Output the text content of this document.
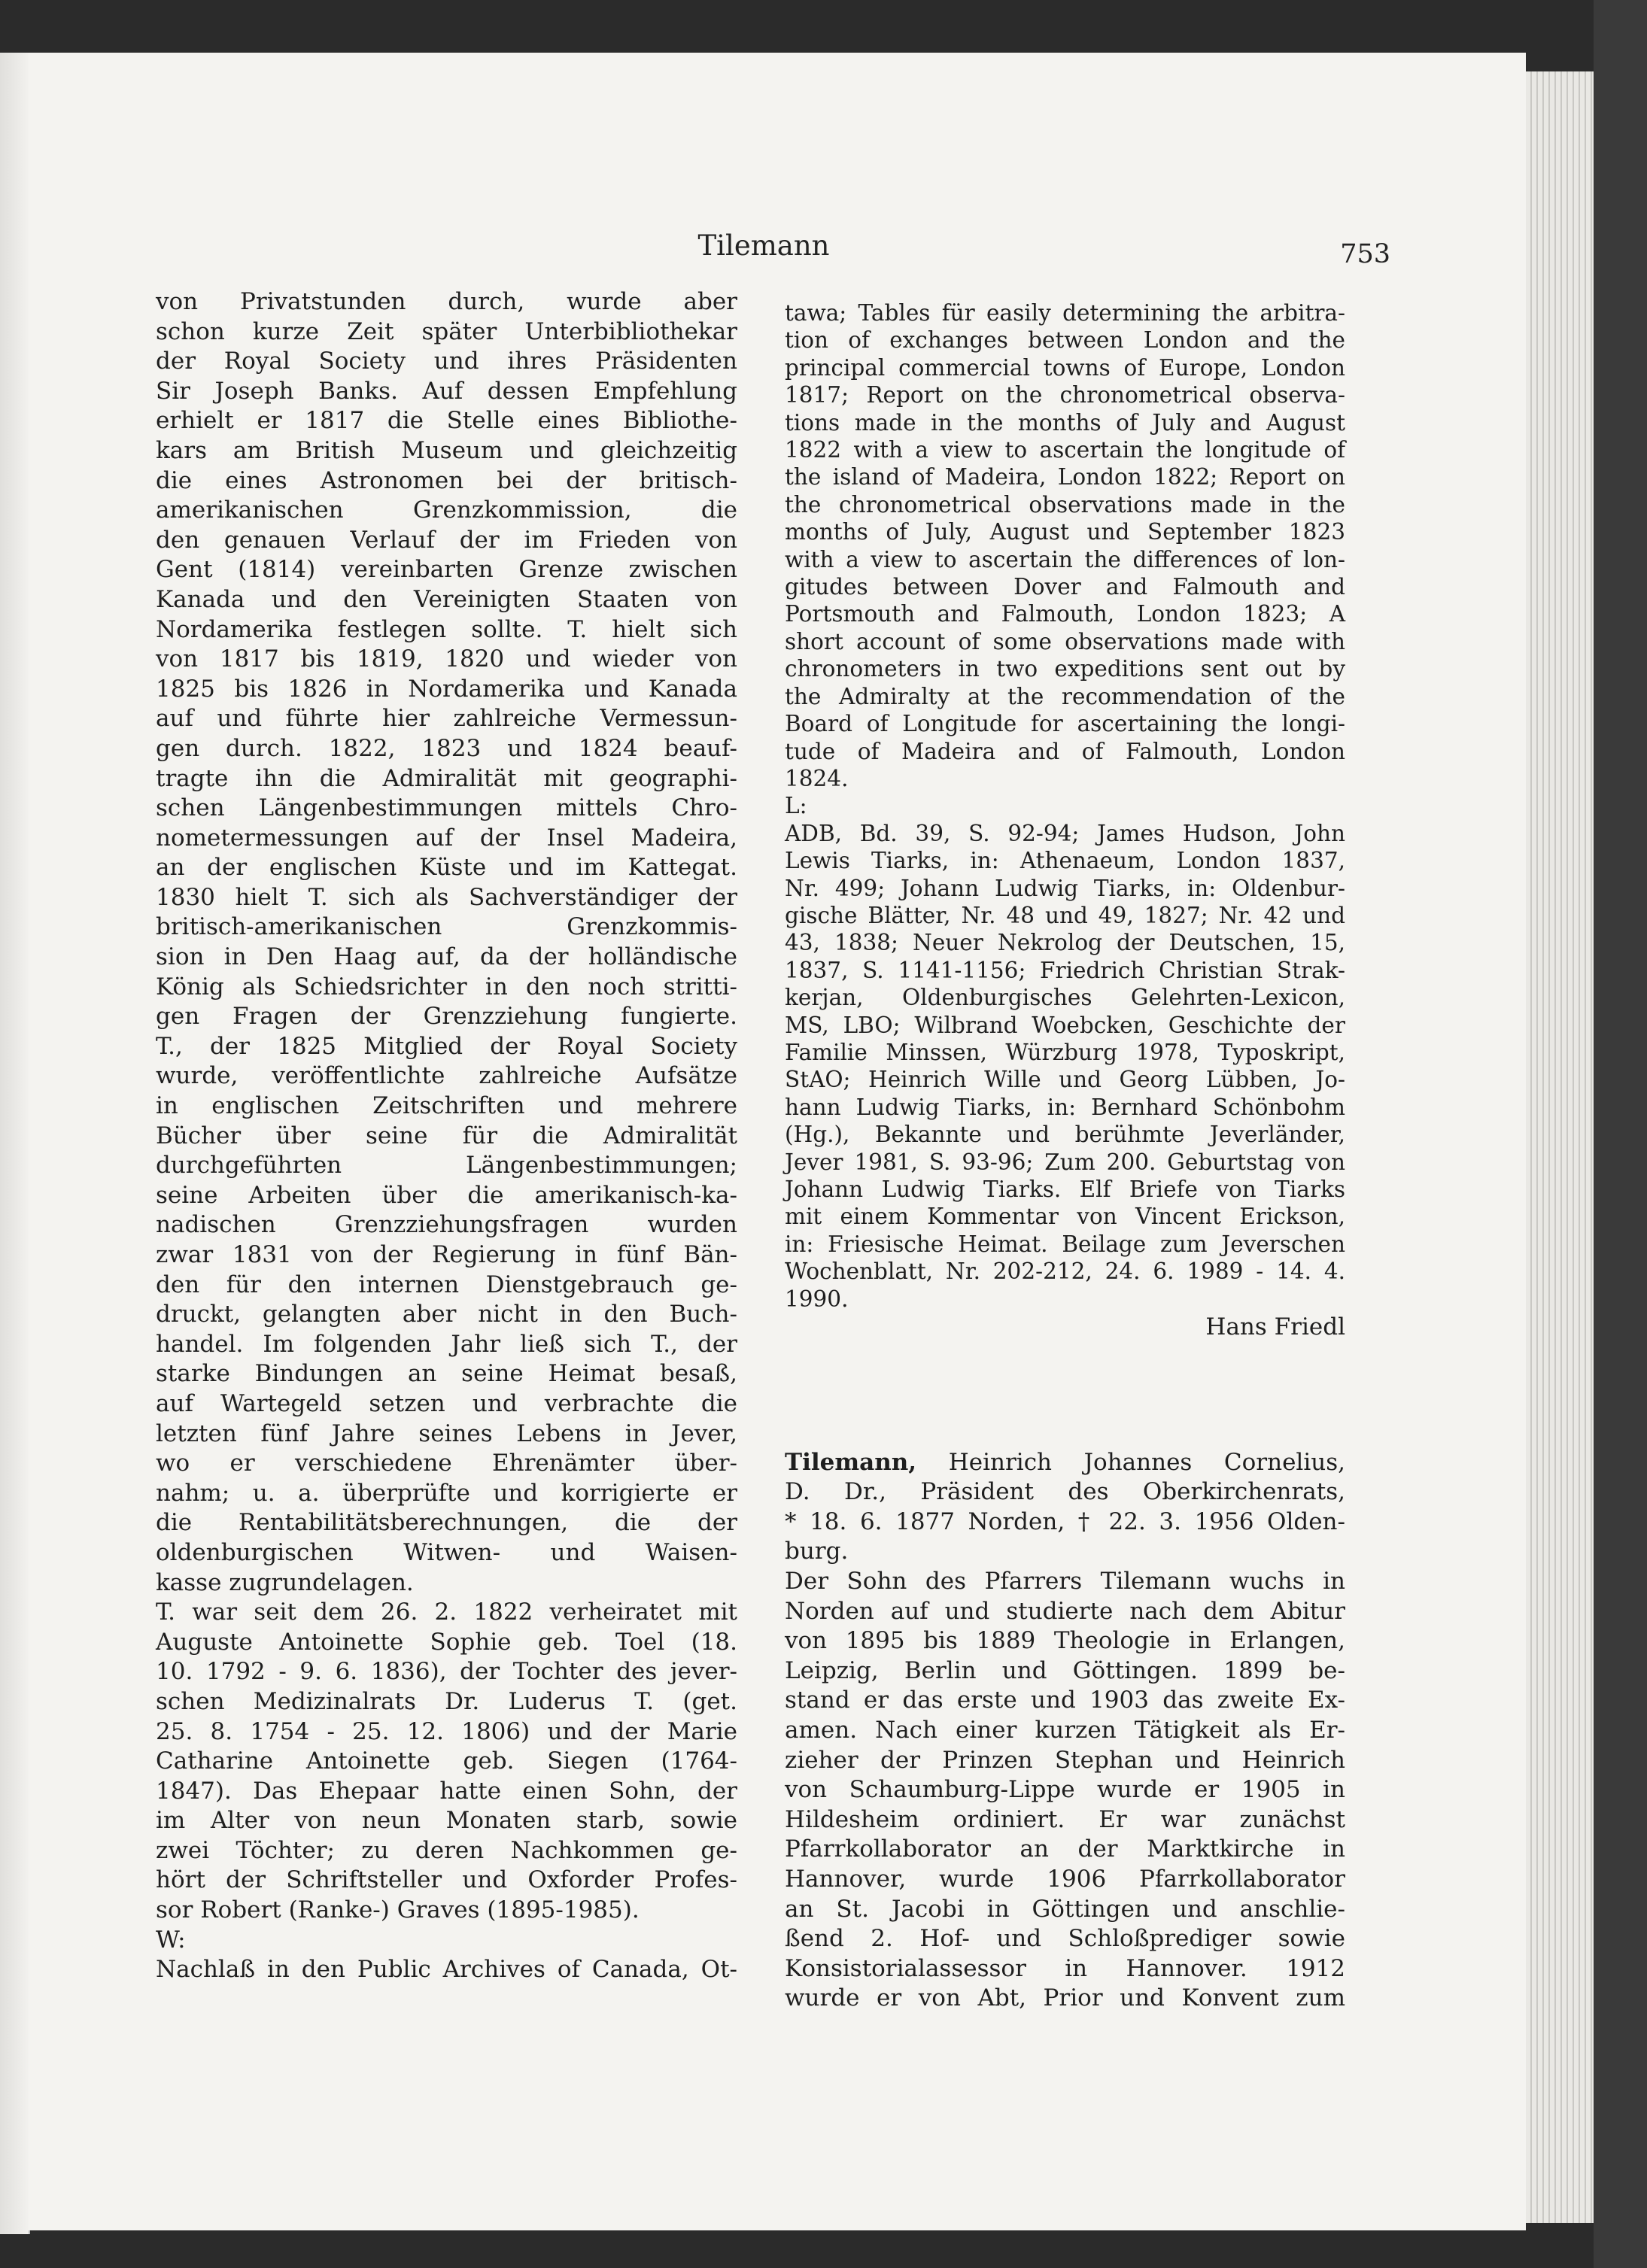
Tilemann	753
von Privatstunden durch, wurde aber
schon kurze Zeit später Unterbibliothekar
der Royal Society und ihres Präsidenten
Sir Joseph Banks. Auf dessen Empfehlung
erhielt er 1817 die Stelle eines Bibliothe-
kars am British Museum und gleichzeitig
die eines Astronomen bei der britisch-
amerikanischen Grenzkommission, die
den genauen Verlauf der im Frieden von
Gent (1814) vereinbarten Grenze zwischen
Kanada und den Vereinigten Staaten von
Nordamerika festlegen sollte. T. hielt sich
von 1817 bis 1819, 1820 und wieder von
1825 bis 1826 in Nordamerika und Kanada
auf und führte hier zahlreiche Vermessun-
gen durch. 1822, 1823 und 1824 beauf-
tragte ihn die Admiralität mit geographi-
schen Längenbestimmungen mittels Chro-
nometermessungen auf der Insel Madeira,
an der englischen Küste und im Kattegat.
1830 hielt T. sich als Sachverständiger der
britisch-amerikanischen Grenzkommis-
sion in Den Haag auf, da der holländische
König als Schiedsrichter in den noch stritti-
gen Fragen der Grenzziehung fungierte.
T., der 1825 Mitglied der Royal Society
wurde, veröffentlichte zahlreiche Aufsätze
in englischen Zeitschriften und mehrere
Bücher über seine für die Admiralität
durchgeführten Längenbestimmungen;
seine Arbeiten über die amerikanisch-ka-
nadischen Grenzziehungsfragen wurden
zwar 1831 von der Regierung in fünf Bän-
den für den internen Dienstgebrauch ge-
druckt, gelangten aber nicht in den Buch-
handel. Im folgenden Jahr ließ sich T., der
starke Bindungen an seine Heimat besaß,
auf Wartegeld setzen und verbrachte die
letzten fünf Jahre seines Lebens in Jever,
wo er verschiedene Ehrenämter über-
nahm; u. a. überprüfte und korrigierte er
die Rentabilitätsberechnungen, die der
oldenburgischen Witwen- und Waisen-
kasse zugrundelagen.
T. war seit dem 26. 2. 1822 verheiratet mit
Auguste Antoinette Sophie geb. Toel (18.
10. 1792 - 9. 6. 1836), der Tochter des jever-
schen Medizinalrats Dr. Luderus T. (get.
25. 8. 1754 - 25. 12. 1806) und der Marie
Catharine Antoinette geb. Siegen (1764-
1847). Das Ehepaar hatte einen Sohn, der
im Alter von neun Monaten starb, sowie
zwei Töchter; zu deren Nachkommen ge-
hört der Schriftsteller und Oxforder Profes-
sor Robert (Ranke-) Graves (1895-1985).
W:
Nachlaß in den Public Archives of Canada, Ot-
tawa; Tables für easily determining the arbitra-
tion of exchanges between London and the
principal commercial towns of Europe, London
1817; Report on the chronometrical observa-
tions made in the months of July and August
1822 with a view to ascertain the longitude of
the island of Madeira, London 1822; Report on
the chronometrical observations made in the
months of July, August und September 1823
with a view to ascertain the differences of lon-
gitudes between Dover and Falmouth and
Portsmouth and Falmouth, London 1823; A
short account of some observations made with
chronometers in two expeditions sent out by
the Admiralty at the recommendation of the
Board of Longitude for ascertaining the longi-
tude of Madeira and of Falmouth, London
1824.
L:
ADB, Bd. 39, S. 92-94; James Hudson, John
Lewis Tiarks, in: Athenaeum, London 1837,
Nr. 499; Johann Ludwig Tiarks, in: Oldenbur-
gische Blätter, Nr. 48 und 49, 1827; Nr. 42 und
43, 1838; Neuer Nekrolog der Deutschen, 15,
1837, S. 1141-1156; Friedrich Christian Strak-
kerjan, Oldenburgisches Gelehrten-Lexicon,
MS, LBO; Wilbrand Woebcken, Geschichte der
Familie Minssen, Würzburg 1978, Typoskript,
StAO; Heinrich Wille und Georg Lübben, Jo-
hann Ludwig Tiarks, in: Bernhard Schönbohm
(Hg.), Bekannte und berühmte Jeverländer,
Jever 1981, S. 93-96; Zum 200. Geburtstag von
Johann Ludwig Tiarks. Elf Briefe von Tiarks
mit einem Kommentar von Vincent Erickson,
in: Friesische Heimat. Beilage zum Jeverschen
Wochenblatt, Nr. 202-212, 24. 6. 1989 - 14. 4.
1990.
Hans Friedl
Tilemann, Heinrich Johannes Cornelius,
D. Dr., Präsident des Oberkirchenrats,
* 18. 6. 1877 Norden, † 22. 3. 1956 Olden-
burg.
Der Sohn des Pfarrers Tilemann wuchs in
Norden auf und studierte nach dem Abitur
von 1895 bis 1889 Theologie in Erlangen,
Leipzig, Berlin und Göttingen. 1899 be-
stand er das erste und 1903 das zweite Ex-
amen. Nach einer kurzen Tätigkeit als Er-
zieher der Prinzen Stephan und Heinrich
von Schaumburg-Lippe wurde er 1905 in
Hildesheim ordiniert. Er war zunächst
Pfarrkollaborator an der Marktkirche in
Hannover, wurde 1906 Pfarrkollaborator
an St. Jacobi in Göttingen und anschlie-
ßend 2. Hof- und Schloßprediger sowie
Konsistorialassessor in Hannover. 1912
wurde er von Abt, Prior und Konvent zum
